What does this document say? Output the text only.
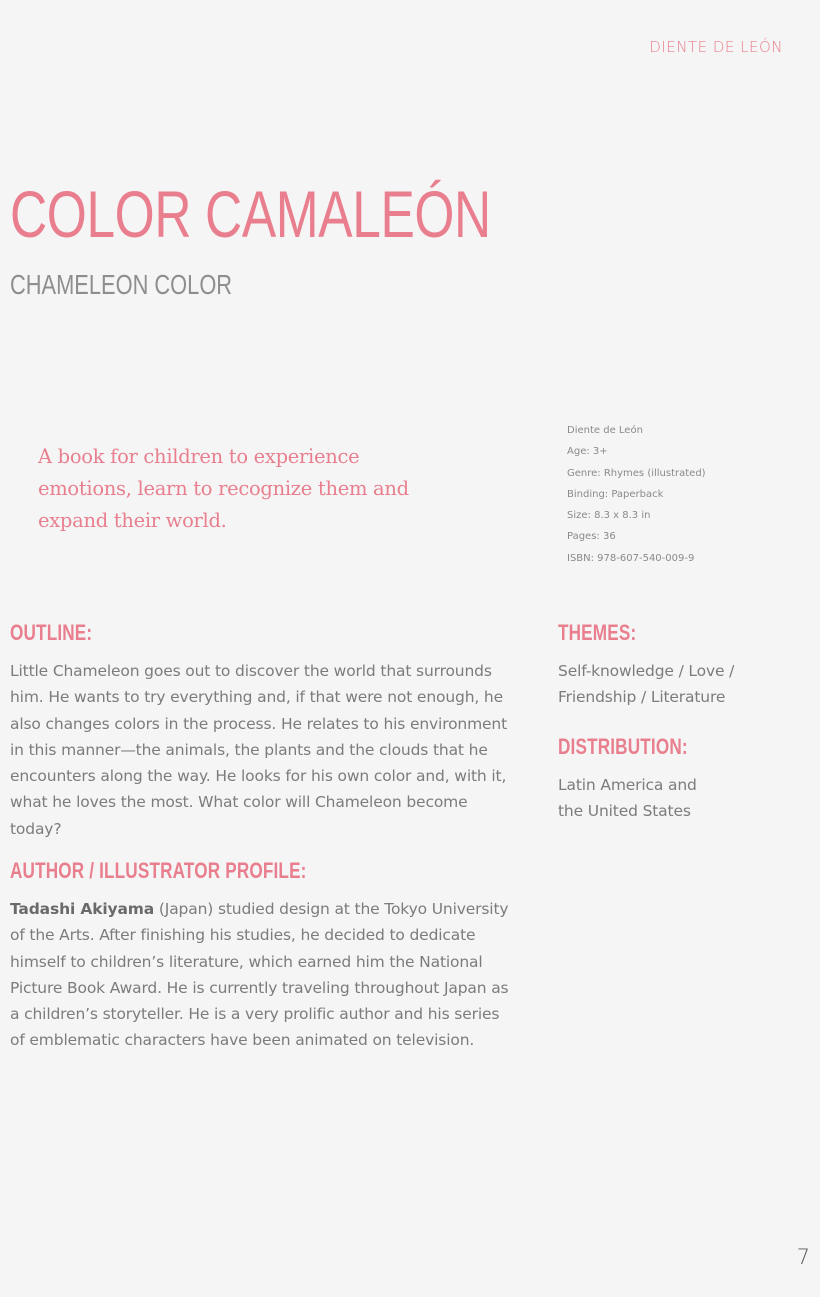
DIENTE DE LEÓN
COLOR CAMALEÓN
CHAMELEON COLOR

A book for children to experience emotions, learn to recognize them and expand their world.

Diente de León
Age: 3+
Genre: Rhymes (illustrated)
Binding: Paperback
Size: 8.3 x 8.3 in
Pages: 36
ISBN: 978-607-540-009-9
OUTLINE:

Little Chameleon goes out to discover the world that surrounds him. He wants to try everything and, if that were not enough, he also changes colors in the process. He relates to his environment in this manner—the animals, the plants and the clouds that he encounters along the way. He looks for his own color and, with it, what he loves the most. What color will Chameleon become today?

AUTHOR / ILLUSTRATOR PROFILE:

Tadashi Akiyama (Japan) studied design at the Tokyo University of the Arts. After finishing his studies, he decided to dedicate himself to children’s literature, which earned him the National Picture Book Award. He is currently traveling throughout Japan as a children’s storyteller. He is a very prolific author and his series of emblematic characters have been animated on television.

THEMES:

Self-knowledge / Love /
Friendship / Literature

DISTRIBUTION:

Latin America and
the United States

7
